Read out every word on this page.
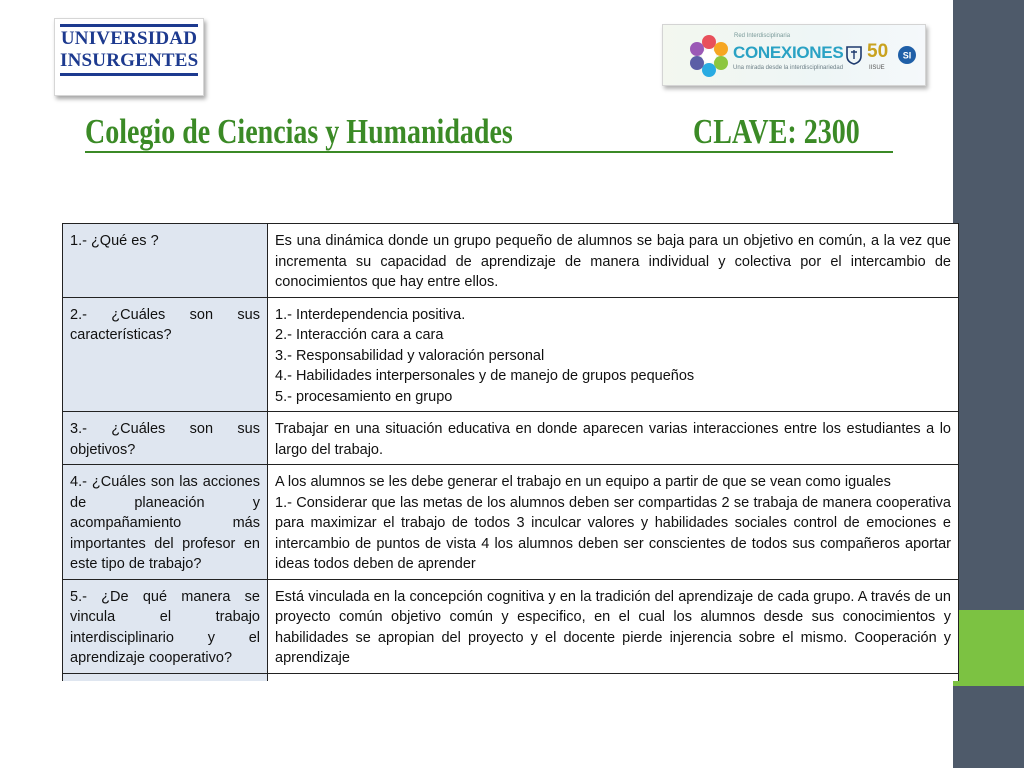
UNIVERSIDAD
INSURGENTES
Red Interdisciplinaria
CONEXIONES
Una mirada desde la interdisciplinariedad
50
IISUE
SI
Colegio de Ciencias y Humanidades	CLAVE: 2300
1.- ¿Qué es ?	Es una dinámica donde un grupo pequeño de alumnos se baja para un objetivo en común, a la vez que incrementa su capacidad de aprendizaje de manera individual y colectiva por el intercambio de conocimientos que hay entre ellos.
2.- ¿Cuáles son sus características?	1.- Interdependencia positiva.
2.- Interacción cara a cara
3.- Responsabilidad y valoración personal
4.- Habilidades interpersonales y de manejo de grupos pequeños
5.- procesamiento en grupo

3.- ¿Cuáles son sus objetivos?	Trabajar en una situación educativa en donde aparecen varias interacciones entre los estudiantes a lo largo del trabajo.
4.- ¿Cuáles son las acciones de planeación y acompañamiento más importantes del profesor en este tipo de trabajo?	A los alumnos se les debe generar el trabajo en un equipo a partir de que se vean como iguales
1.- Considerar que las metas de los alumnos deben ser compartidas 2 se trabaja de manera cooperativa para maximizar el trabajo de todos 3 inculcar valores y habilidades sociales control de emociones e intercambio de puntos de vista 4 los alumnos deben ser conscientes de todos sus compañeros aportar ideas todos deben de aprender

5.- ¿De qué manera se vincula el trabajo interdisciplinario y el aprendizaje cooperativo?	Está vinculada en la concepción cognitiva y en la tradición del aprendizaje de cada grupo. A través de un proyecto común objetivo común y especifico, en el cual los alumnos desde sus conocimientos y habilidades se apropian del proyecto y el docente pierde injerencia sobre el mismo. Cooperación y aprendizaje
